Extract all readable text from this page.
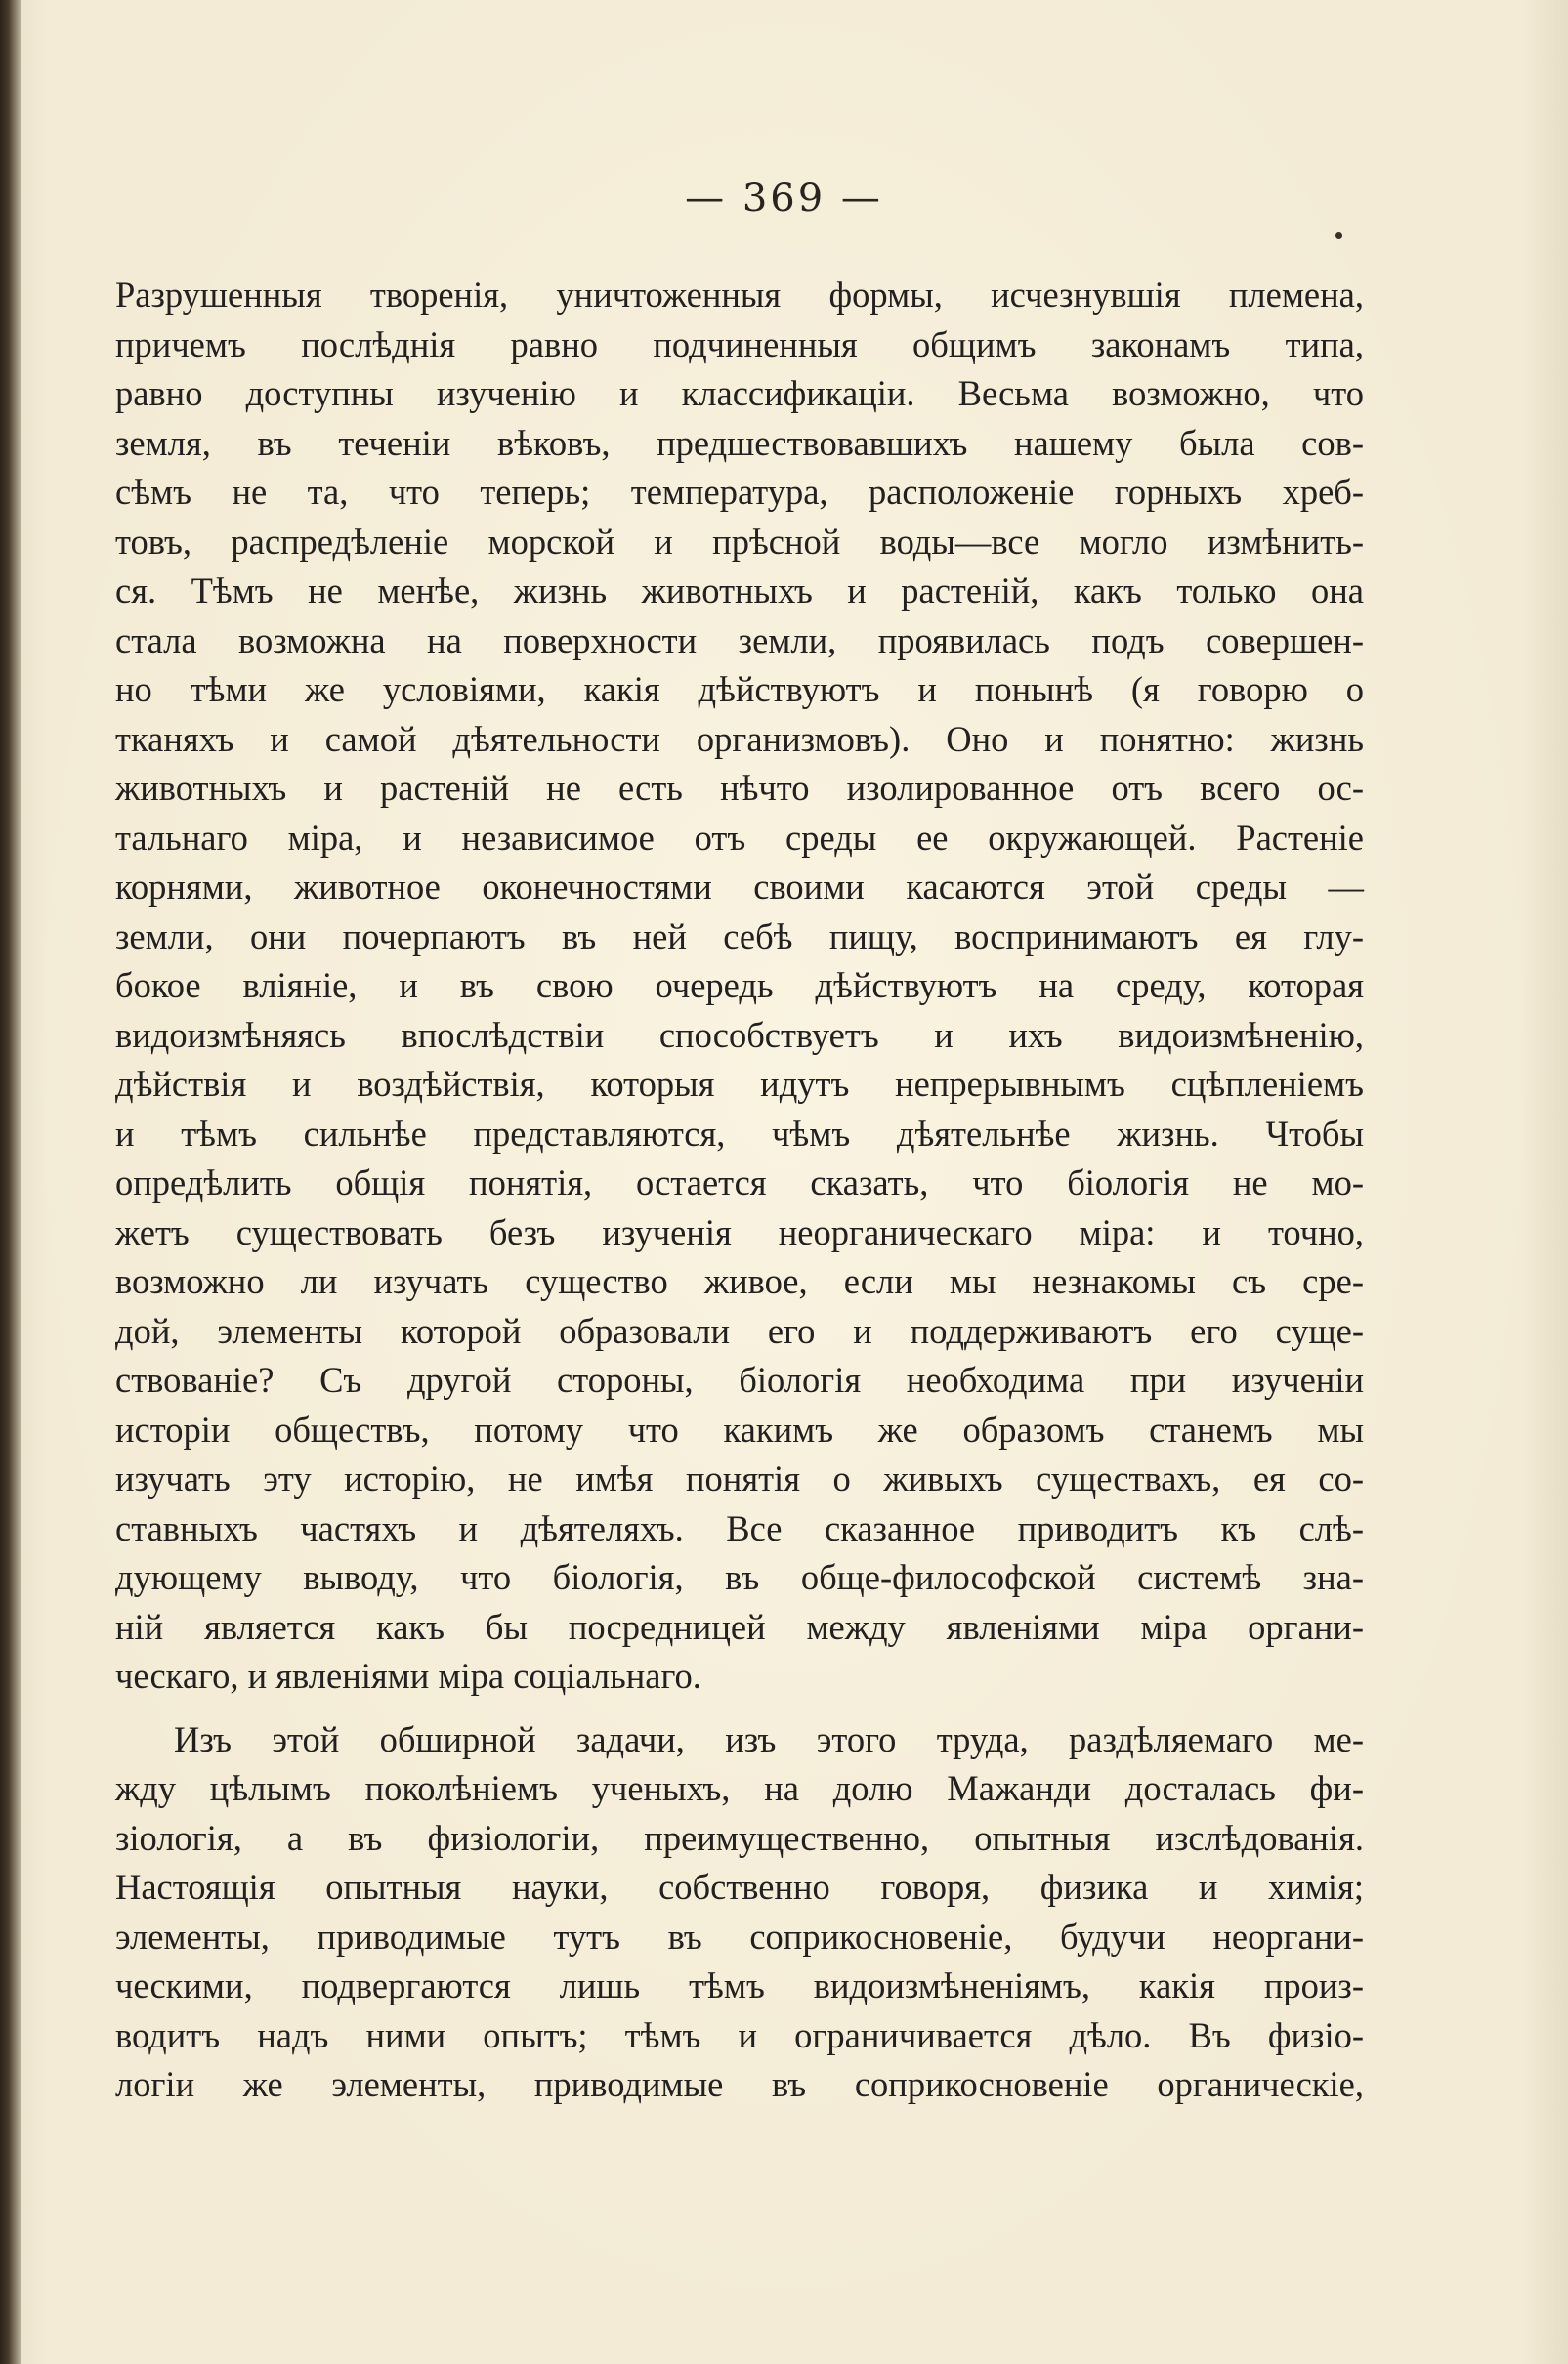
— 369 —
Разрушенныя творенія, уничтоженныя формы, исчезнувшія племена,
причемъ послѣднія равно подчиненныя общимъ законамъ типа,
равно доступны изученію и классификаціи. Весьма возможно, что
земля, въ теченіи вѣковъ, предшествовавшихъ нашему была сов-
сѣмъ не та, что теперь; температура, расположеніе горныхъ хреб-
товъ, распредѣленіе морской и прѣсной воды—все могло измѣнить-
ся. Тѣмъ не менѣе, жизнь животныхъ и растеній, какъ только она
стала возможна на поверхности земли, проявилась подъ совершен-
но тѣми же условіями, какія дѣйствуютъ и понынѣ (я говорю о
тканяхъ и самой дѣятельности организмовъ). Оно и понятно: жизнь
животныхъ и растеній не есть нѣчто изолированное отъ всего ос-
тальнаго міра, и независимое отъ среды ее окружающей. Растеніе
корнями, животное оконечностями своими касаются этой среды —
земли, они почерпаютъ въ ней себѣ пищу, воспринимаютъ ея глу-
бокое вліяніе, и въ свою очередь дѣйствуютъ на среду, которая
видоизмѣняясь впослѣдствіи способствуетъ и ихъ видоизмѣненію,
дѣйствія и воздѣйствія, которыя идутъ непрерывнымъ сцѣпленіемъ
и тѣмъ сильнѣе представляются, чѣмъ дѣятельнѣе жизнь. Чтобы
опредѣлить общія понятія, остается сказать, что біологія не мо-
жетъ существовать безъ изученія неорганическаго міра: и точно,
возможно ли изучать существо живое, если мы незнакомы съ сре-
дой, элементы которой образовали его и поддерживаютъ его суще-
ствованіе? Съ другой стороны, біологія необходима при изученіи
исторіи обществъ, потому что какимъ же образомъ станемъ мы
изучать эту исторію, не имѣя понятія о живыхъ существахъ, ея со-
ставныхъ частяхъ и дѣятеляхъ. Все сказанное приводитъ къ слѣ-
дующему выводу, что біологія, въ обще-философской системѣ зна-
ній является какъ бы посредницей между явленіями міра органи-
ческаго, и явленіями міра соціальнаго.
Изъ этой обширной задачи, изъ этого труда, раздѣляемаго ме-
жду цѣлымъ поколѣніемъ ученыхъ, на долю Мажанди досталась фи-
зіологія, а въ физіологіи, преимущественно, опытныя изслѣдованія.
Настоящія опытныя науки, собственно говоря, физика и химія;
элементы, приводимые тутъ въ соприкосновеніе, будучи неоргани-
ческими, подвергаются лишь тѣмъ видоизмѣненіямъ, какія произ-
водитъ надъ ними опытъ; тѣмъ и ограничивается дѣло. Въ физіо-
логіи же элементы, приводимые въ соприкосновеніе органическіе,
